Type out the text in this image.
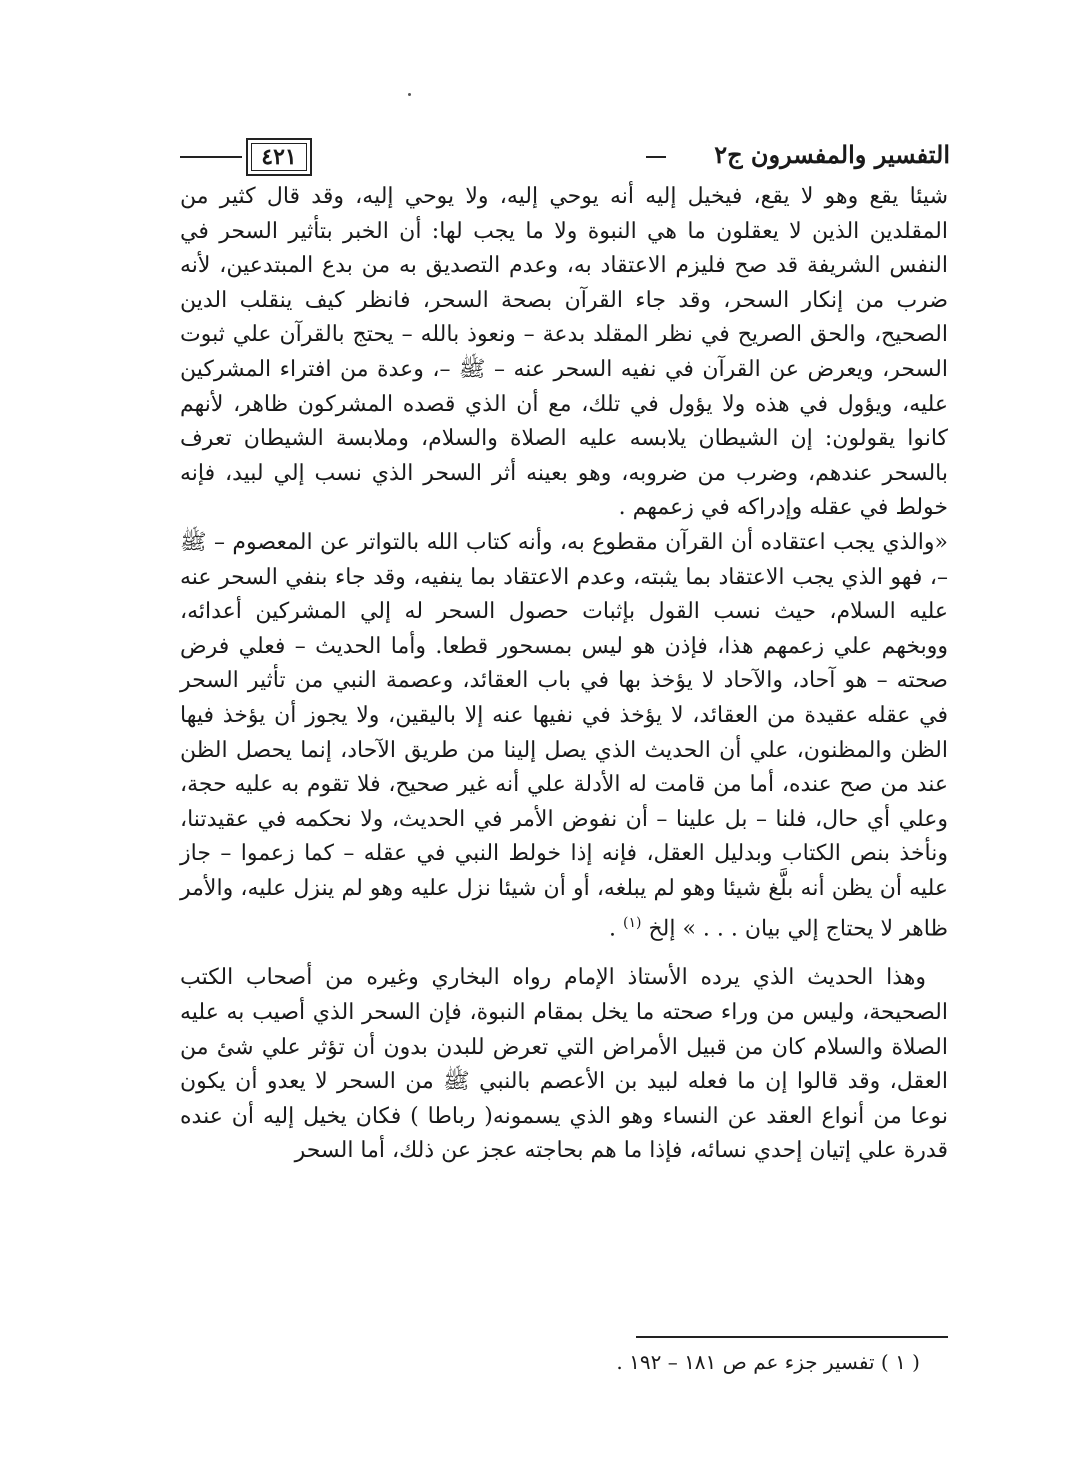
التفسير والمفسرون ج٢
٤٢١

شيئا يقع وهو لا يقع، فيخيل إليه أنه يوحي إليه، ولا يوحي إليه، وقد قال كثير من المقلدين الذين لا يعقلون ما هي النبوة ولا ما يجب لها: أن الخبر بتأثير السحر في النفس الشريفة قد صح فليزم الاعتقاد به، وعدم التصديق به من بدع المبتدعين، لأنه ضرب من إنكار السحر، وقد جاء القرآن بصحة السحر، فانظر كيف ينقلب الدين الصحيح، والحق الصريح في نظر المقلد بدعة – ونعوذ بالله – يحتج بالقرآن علي ثبوت السحر، ويعرض عن القرآن في نفيه السحر عنه – ﷺ –، وعدة من افتراء المشركين عليه، ويؤول في هذه ولا يؤول في تلك، مع أن الذي قصده المشركون ظاهر، لأنهم كانوا يقولون: إن الشيطان يلابسه عليه الصلاة والسلام، وملابسة الشيطان تعرف بالسحر عندهم، وضرب من ضروبه، وهو بعينه أثر السحر الذي نسب إلي لبيد، فإنه خولط في عقله وإدراكه في زعمهم .

«والذي يجب اعتقاده أن القرآن مقطوع به، وأنه كتاب الله بالتواتر عن المعصوم – ﷺ –، فهو الذي يجب الاعتقاد بما يثبته، وعدم الاعتقاد بما ينفيه، وقد جاء بنفي السحر عنه عليه السلام، حيث نسب القول بإثبات حصول السحر له إلي المشركين أعدائه، ووبخهم علي زعمهم هذا، فإذن هو ليس بمسحور قطعا. وأما الحديث – فعلي فرض صحته – هو آحاد، والآحاد لا يؤخذ بها في باب العقائد، وعصمة النبي من تأثير السحر في عقله عقيدة من العقائد، لا يؤخذ في نفيها عنه إلا باليقين، ولا يجوز أن يؤخذ فيها الظن والمظنون، علي أن الحديث الذي يصل إلينا من طريق الآحاد، إنما يحصل الظن عند من صح عنده، أما من قامت له الأدلة علي أنه غير صحيح، فلا تقوم به عليه حجة، وعلي أي حال، فلنا – بل علينا – أن نفوض الأمر في الحديث، ولا نحكمه في عقيدتنا، ونأخذ بنص الكتاب وبدليل العقل، فإنه إذا خولط النبي في عقله – كما زعموا – جاز عليه أن يظن أنه بلَّغ شيئا وهو لم يبلغه، أو أن شيئا نزل عليه وهو لم ينزل عليه، والأمر ظاهر لا يحتاج إلي بيان . . . » إلخ $^{(١)}$ .

وهذا الحديث الذي يرده الأستاذ الإمام رواه البخاري وغيره من أصحاب الكتب الصحيحة، وليس من وراء صحته ما يخل بمقام النبوة، فإن السحر الذي أصيب به عليه الصلاة والسلام كان من قبيل الأمراض التي تعرض للبدن بدون أن تؤثر علي شئ من العقل، وقد قالوا إن ما فعله لبيد بن الأعصم بالنبي ﷺ من السحر لا يعدو أن يكون نوعا من أنواع العقد عن النساء وهو الذي يسمونه( رباطا ) فكان يخيل إليه أن عنده قدرة علي إتيان إحدي نسائه، فإذا ما هم بحاجته عجز عن ذلك، أما السحر

( ١ ) تفسير جزء عم ص ١٨١ – ١٩٢ .
